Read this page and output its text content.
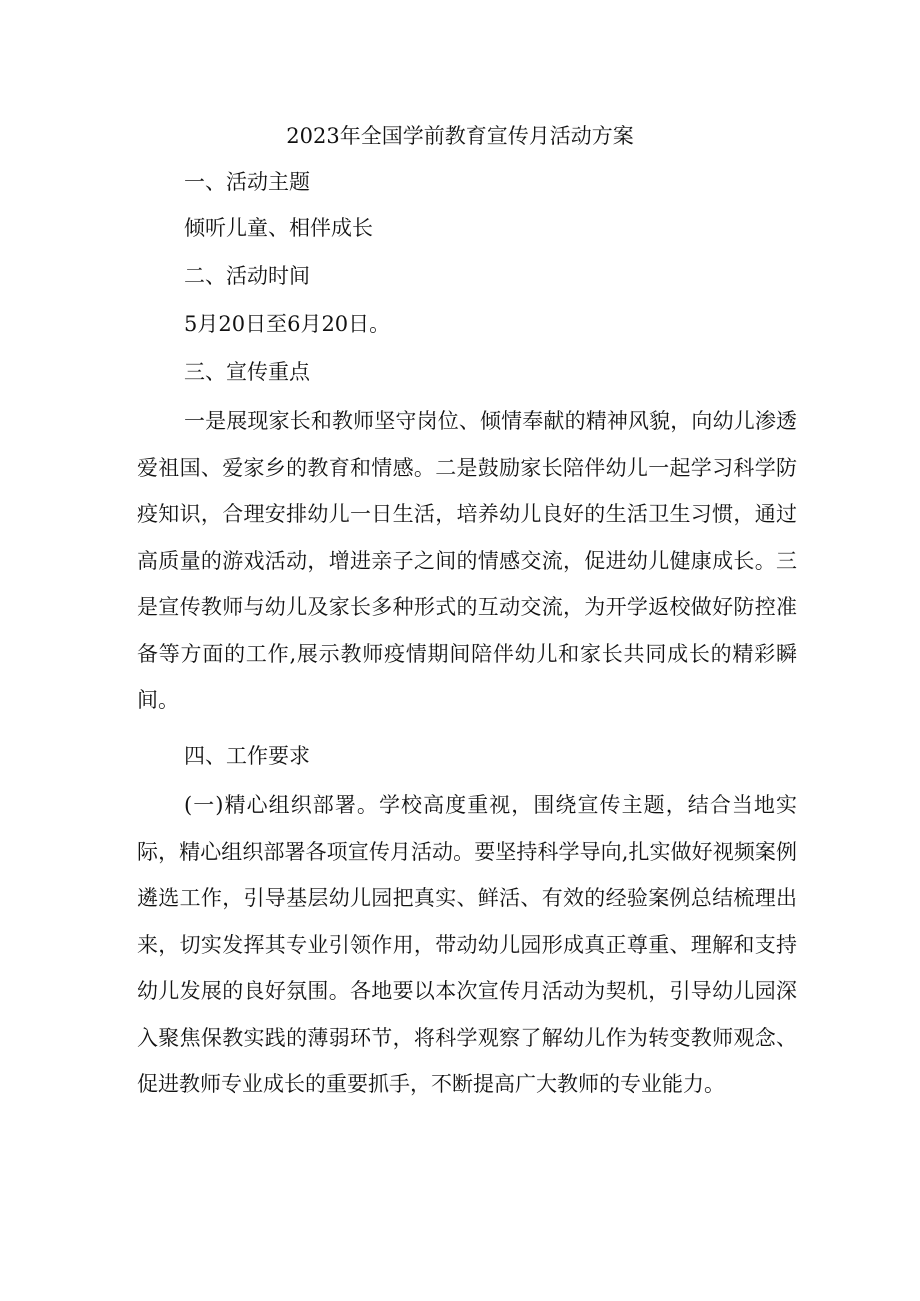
2023年全国学前教育宣传月活动方案
一、活动主题
倾听儿童、相伴成长
二、活动时间
5月20日至6月20日。
三、宣传重点

一是展现家长和教师坚守岗位、倾情奉献的精神风貌，向幼儿渗透爱祖国、爱家乡的教育和情感。二是鼓励家长陪伴幼儿一起学习科学防疫知识，合理安排幼儿一日生活，培养幼儿良好的生活卫生习惯，通过高质量的游戏活动，增进亲子之间的情感交流，促进幼儿健康成长。三是宣传教师与幼儿及家长多种形式的互动交流，为开学返校做好防控准备等方面的工作,展示教师疫情期间陪伴幼儿和家长共同成长的精彩瞬间。

四、工作要求

(一)精心组织部署。学校高度重视，围绕宣传主题，结合当地实际，精心组织部署各项宣传月活动。要坚持科学导向,扎实做好视频案例遴选工作，引导基层幼儿园把真实、鲜活、有效的经验案例总结梳理出来，切实发挥其专业引领作用，带动幼儿园形成真正尊重、理解和支持幼儿发展的良好氛围。各地要以本次宣传月活动为契机，引导幼儿园深入聚焦保教实践的薄弱环节，将科学观察了解幼儿作为转变教师观念、促进教师专业成长的重要抓手，不断提高广大教师的专业能力。
